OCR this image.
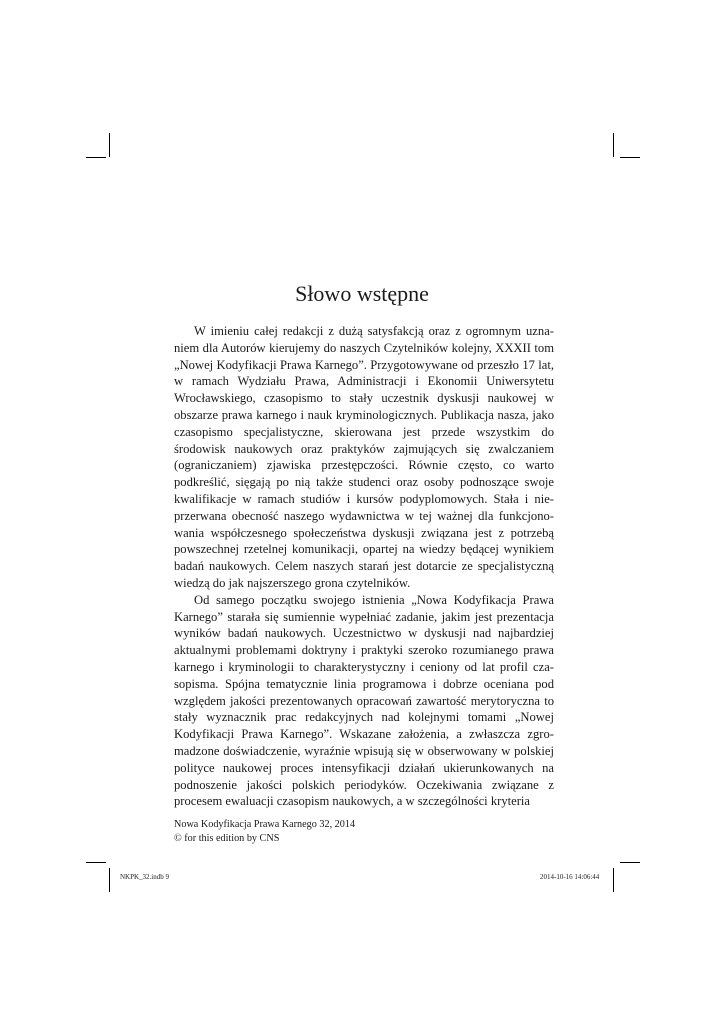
Słowo wstępne

W imieniu całej redakcji z dużą satysfakcją oraz z ogromnym uznaniem dla Autorów kierujemy do naszych Czytelników kolejny, XXXII tom „Nowej Kodyfikacji Prawa Karnego”. Przygotowywane od przeszło 17 lat, w ramach Wydziału Prawa, Administracji i Ekonomii Uniwersytetu Wrocławskiego, czasopismo to stały uczestnik dyskusji naukowej w obszarze prawa karnego i nauk kryminologicznych. Publikacja nasza, jako czasopismo specjalistyczne, skierowana jest przede wszystkim do środowisk naukowych oraz praktyków zajmujących się zwalczaniem (ograniczaniem) zjawiska przestępczości. Równie często, co warto podkreślić, sięgają po nią także studenci oraz osoby podnoszące swoje kwalifikacje w ramach studiów i kursów podyplomowych. Stała i nieprzerwana obecność naszego wydawnictwa w tej ważnej dla funkcjonowania współczesnego społeczeństwa dyskusji związana jest z potrzebą powszechnej rzetelnej komunikacji, opartej na wiedzy będącej wynikiem badań naukowych. Celem naszych starań jest dotarcie ze specjalistyczną wiedzą do jak najszerszego grona czytelników.

Od samego początku swojego istnienia „Nowa Kodyfikacja Prawa Karnego” starała się sumiennie wypełniać zadanie, jakim jest prezentacja wyników badań naukowych. Uczestnictwo w dyskusji nad najbardziej aktualnymi problemami doktryny i praktyki szeroko rozumianego prawa karnego i kryminologii to charakterystyczny i ceniony od lat profil czasopisma. Spójna tematycznie linia programowa i dobrze oceniana pod względem jakości prezentowanych opracowań zawartość merytoryczna to stały wyznacznik prac redakcyjnych nad kolejnymi tomami „Nowej Kodyfikacji Prawa Karnego”. Wskazane założenia, a zwłaszcza zgromadzone doświadczenie, wyraźnie wpisują się w obserwowany w polskiej polityce naukowej proces intensyfikacji działań ukierunkowanych na podnoszenie jakości polskich periodyków. Oczekiwania związane z procesem ewaluacji czasopism naukowych, a w szczególności kryteria

Nowa Kodyfikacja Prawa Karnego 32, 2014
© for this edition by CNS
NKPK_32.indb 9	2014-10-16 14:06:44
